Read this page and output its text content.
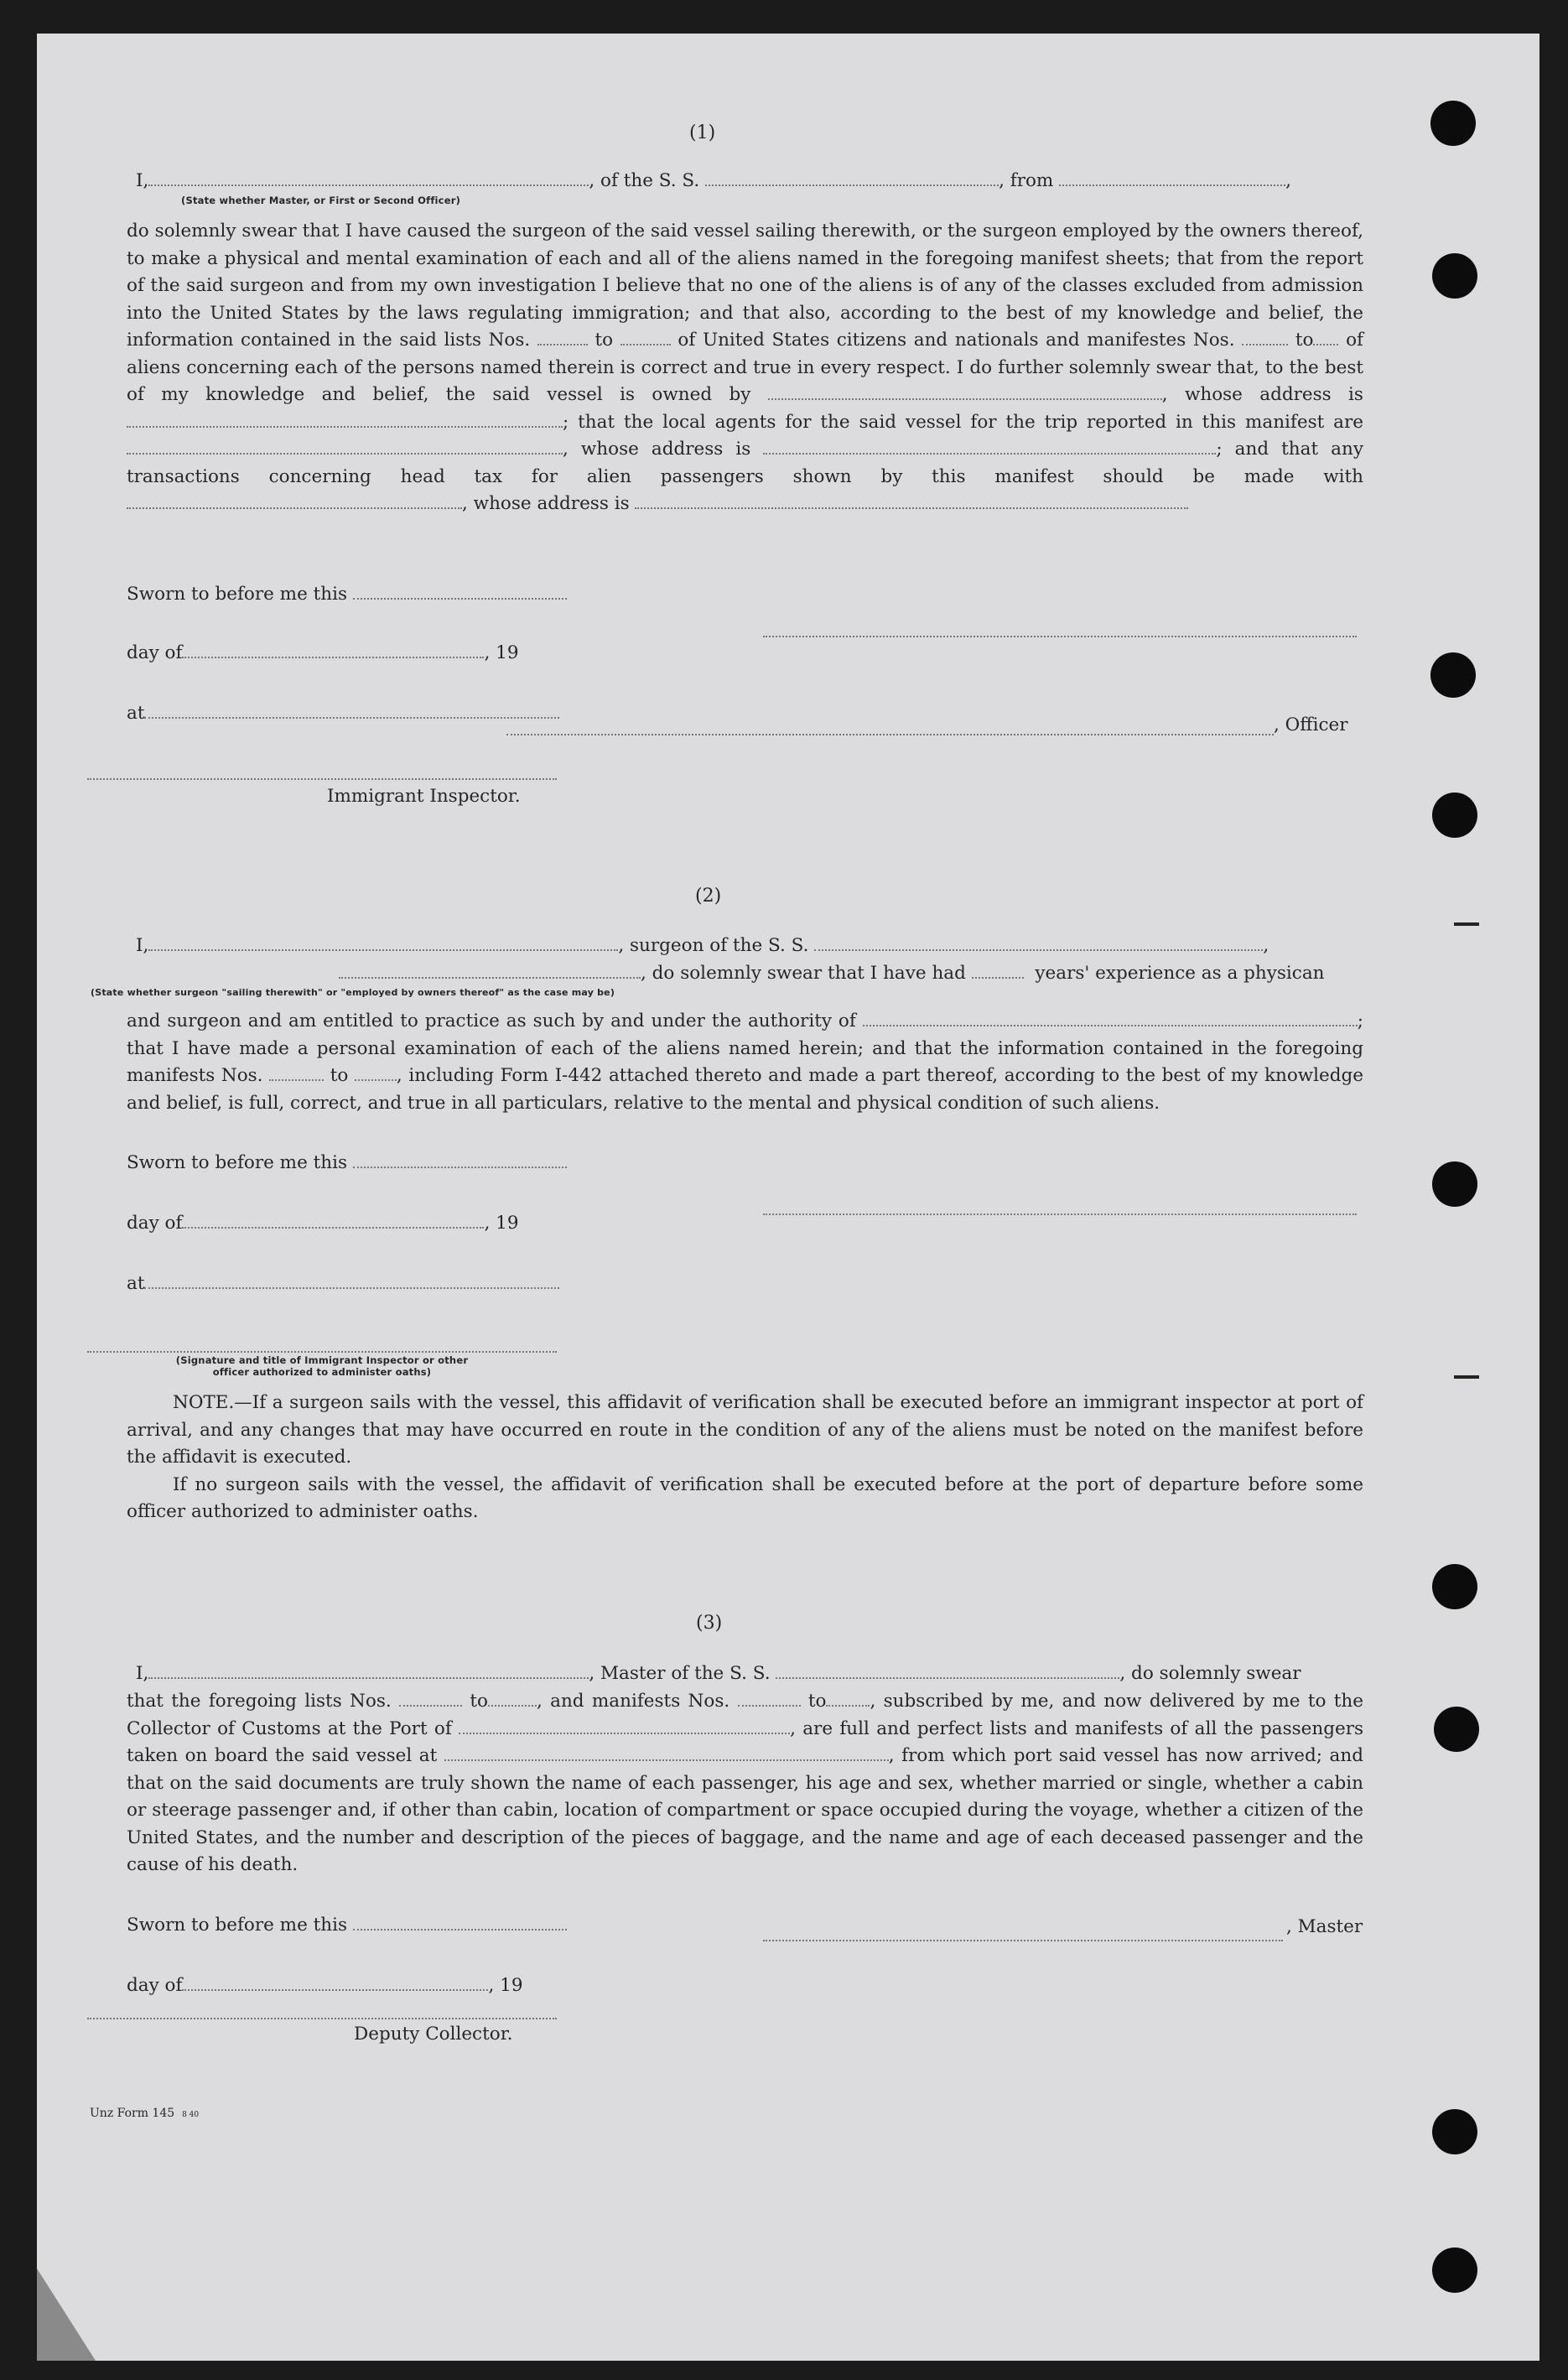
(1)
I,	, of the S. S.	, from	,
(State whether Master, or First or Second Officer)
do solemnly swear that I have caused the surgeon of the said vessel sailing therewith, or the surgeon employed by the owners thereof, to make a physical and mental examination of each and all of the aliens named in the foregoing manifest sheets; that from the report of the said surgeon and from my own investigation I believe that no one of the aliens is of any of the classes excluded from admission into the United States by the laws regulating immigration; and that also, according to the best of my knowledge and belief, the information contained in the said lists Nos.	to	of United States citizens and nationals and manifestes Nos.	to of aliens concerning each of the persons named therein is correct and true in every respect. I do further solemnly swear that, to the best of my knowledge and belief, the said vessel is owned by	, whose address is ; that the local agents for the said vessel for the trip reported in this manifest are , whose address is	; and that any transactions concerning head tax for alien passengers shown by this manifest should be made with , whose address is
Sworn to before me this
day of	, 19
at
, Officer
Immigrant Inspector.
(2)
I,	, surgeon of the S. S.	,
, do solemnly swear that I have had	years' experience as a physican
(State whether surgeon "sailing therewith" or "employed by owners thereof" as the case may be)
and surgeon and am entitled to practice as such by and under the authority of	; that I have made a personal examination of each of the aliens named herein; and that the information contained in the foregoing manifests Nos.	to	, including Form I-442 attached thereto and made a part thereof, according to the best of my knowledge and belief, is full, correct, and true in all particulars, relative to the mental and physical condition of such aliens.
Sworn to before me this
day of	, 19
at
(Signature and title of Immigrant Inspector or other
officer authorized to administer oaths)

NOTE.—If a surgeon sails with the vessel, this affidavit of verification shall be executed before an immigrant inspector at port of arrival, and any changes that may have occurred en route in the condition of any of the aliens must be noted on the manifest before the affidavit is executed.

If no surgeon sails with the vessel, the affidavit of verification shall be executed before at the port of departure before some officer authorized to administer oaths.

(3)
I,	, Master of the S. S.	, do solemnly swear
that the foregoing lists Nos.	to	, and manifests Nos.	to , subscribed by me, and now delivered by me to the Collector of Customs at the Port of	, are full and perfect lists and manifests of all the passengers taken on board the said vessel at	, from which port said vessel has now arrived; and that on the said documents are truly shown the name of each passenger, his age and sex, whether married or single, whether a cabin or steerage passenger and, if other than cabin, location of compartment or space occupied during the voyage, whether a citizen of the United States, and the number and description of the pieces of baggage, and the name and age of each deceased passenger and the cause of his death.
Sworn to before me this	, Master
day of	, 19
Deputy Collector.
Unz Form 145 8 40
